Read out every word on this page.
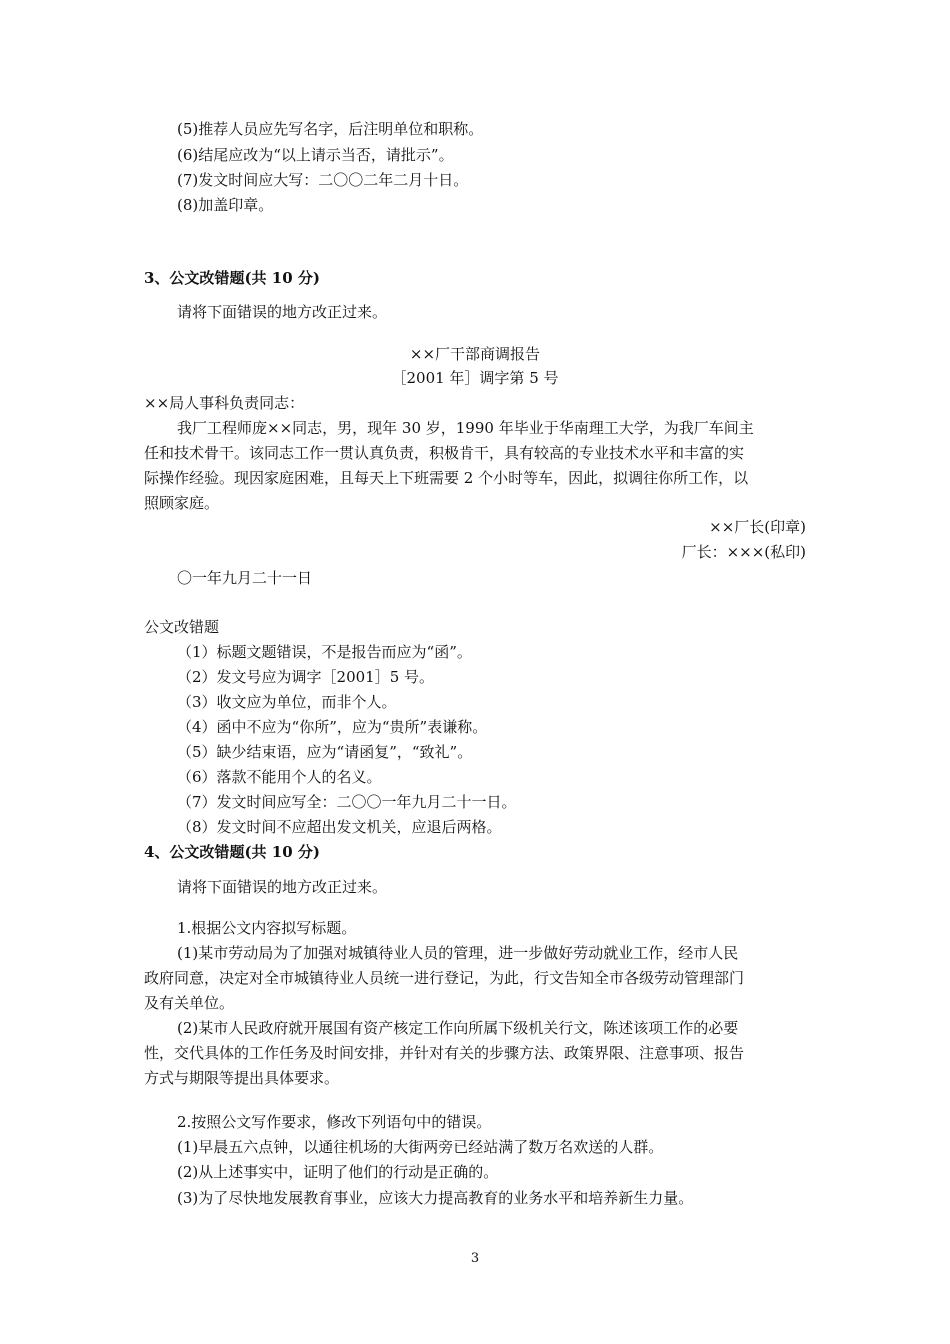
(5)推荐人员应先写名字，后注明单位和职称。
(6)结尾应改为“以上请示当否，请批示”。
(7)发文时间应大写：二〇〇二年二月十日。
(8)加盖印章。
3、公文改错题(共 10 分)
请将下面错误的地方改正过来。
××厂干部商调报告
［2001 年］调字第 5 号
××局人事科负责同志：
我厂工程师庞××同志，男，现年 30 岁，1990 年毕业于华南理工大学，为我厂车间主
任和技术骨干。该同志工作一贯认真负责，积极肯干，具有较高的专业技术水平和丰富的实
际操作经验。现因家庭困难，且每天上下班需要 2 个小时等车，因此，拟调往你所工作，以
照顾家庭。
××厂长(印章)
厂长：×××(私印)
〇一年九月二十一日
公文改错题
（1）标题文题错误，不是报告而应为“函”。
（2）发文号应为调字［2001］5 号。
（3）收文应为单位，而非个人。
（4）函中不应为“你所”，应为“贵所”表谦称。
（5）缺少结束语，应为“请函复”，“致礼”。
（6）落款不能用个人的名义。
（7）发文时间应写全：二〇〇一年九月二十一日。
（8）发文时间不应超出发文机关，应退后两格。
4、公文改错题(共 10 分)
请将下面错误的地方改正过来。
1.根据公文内容拟写标题。
(1)某市劳动局为了加强对城镇待业人员的管理，进一步做好劳动就业工作，经市人民
政府同意，决定对全市城镇待业人员统一进行登记，为此，行文告知全市各级劳动管理部门
及有关单位。
(2)某市人民政府就开展国有资产核定工作向所属下级机关行文，陈述该项工作的必要
性，交代具体的工作任务及时间安排，并针对有关的步骤方法、政策界限、注意事项、报告
方式与期限等提出具体要求。
2.按照公文写作要求，修改下列语句中的错误。
(1)早晨五六点钟，以通往机场的大街两旁已经站满了数万名欢送的人群。
(2)从上述事实中，证明了他们的行动是正确的。
(3)为了尽快地发展教育事业，应该大力提高教育的业务水平和培养新生力量。
3
